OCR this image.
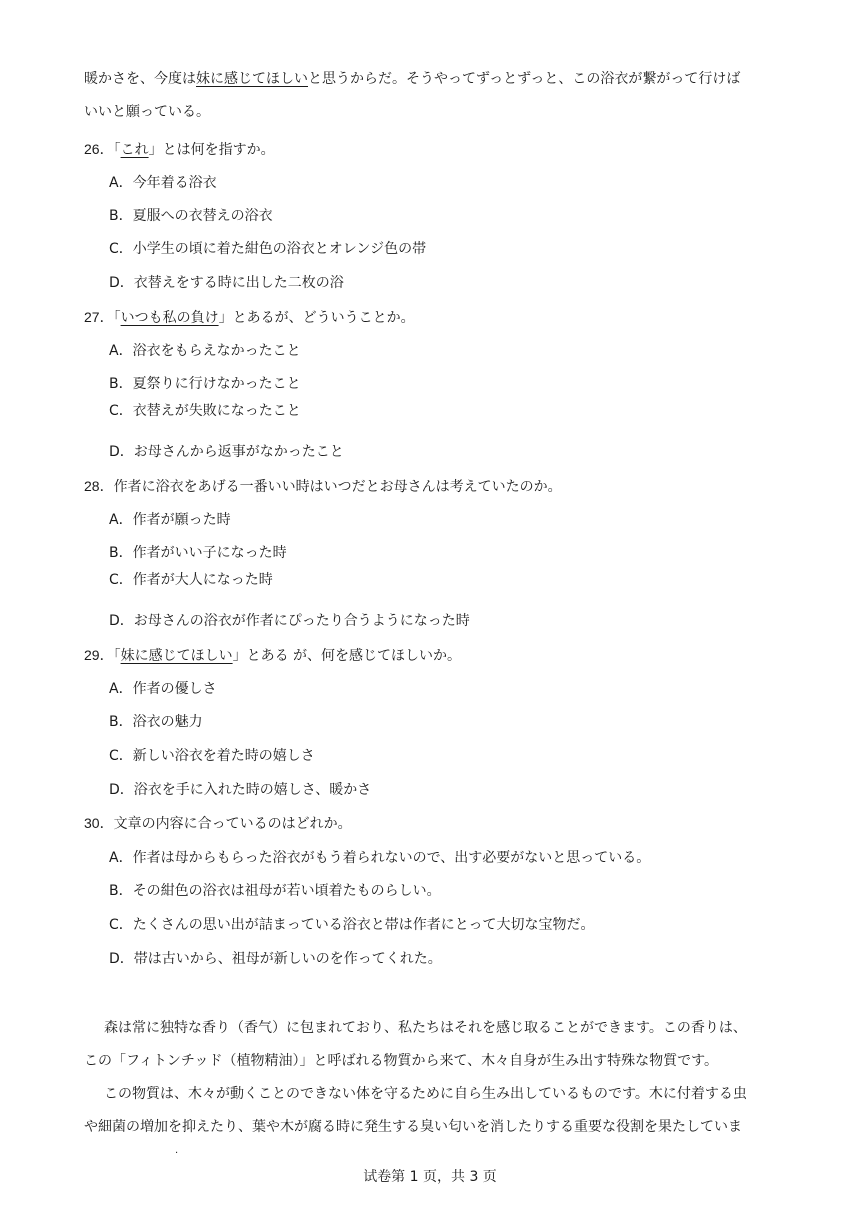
暖かさを、今度は妹に感じてほしいと思うからだ。そうやってずっとずっと、この浴衣が繋がって行けば
いいと願っている。
26．「これ」とは何を指すか。
A．今年着る浴衣
B．夏服への衣替えの浴衣
C．小学生の頃に着た紺色の浴衣とオレンジ色の帯
D．衣替えをする時に出した二枚の浴
27．「いつも私の負け」とあるが、どういうことか。
A．浴衣をもらえなかったこと
B．夏祭りに行けなかったこと
C．衣替えが失敗になったこと
D．お母さんから返事がなかったこと
28．作者に浴衣をあげる一番いい時はいつだとお母さんは考えていたのか。
A．作者が願った時
B．作者がいい子になった時
C．作者が大人になった時
D．お母さんの浴衣が作者にぴったり合うようになった時
29．「妹に感じてほしい」とある が、何を感じてほしいか。
A．作者の優しさ
B．浴衣の魅力
C．新しい浴衣を着た時の嬉しさ
D．浴衣を手に入れた時の嬉しさ、暖かさ
30．文章の内容に合っているのはどれか。
A．作者は母からもらった浴衣がもう着られないので、出す必要がないと思っている。
B．その紺色の浴衣は祖母が若い頃着たものらしい。
C．たくさんの思い出が詰まっている浴衣と帯は作者にとって大切な宝物だ。
D．帯は古いから、祖母が新しいのを作ってくれた。
森は常に独特な香り（香气）に包まれており、私たちはそれを感じ取ることができます。この香りは、
この「フィトンチッド（植物精油）」と呼ばれる物質から来て、木々自身が生み出す特殊な物質です。
この物質は、木々が動くことのできない体を守るために自ら生み出しているものです。木に付着する虫
や細菌の増加を抑えたり、葉や木が腐る時に発生する臭い匂いを消したりする重要な役割を果たしていま
·
试卷第 1 页，共 3 页
